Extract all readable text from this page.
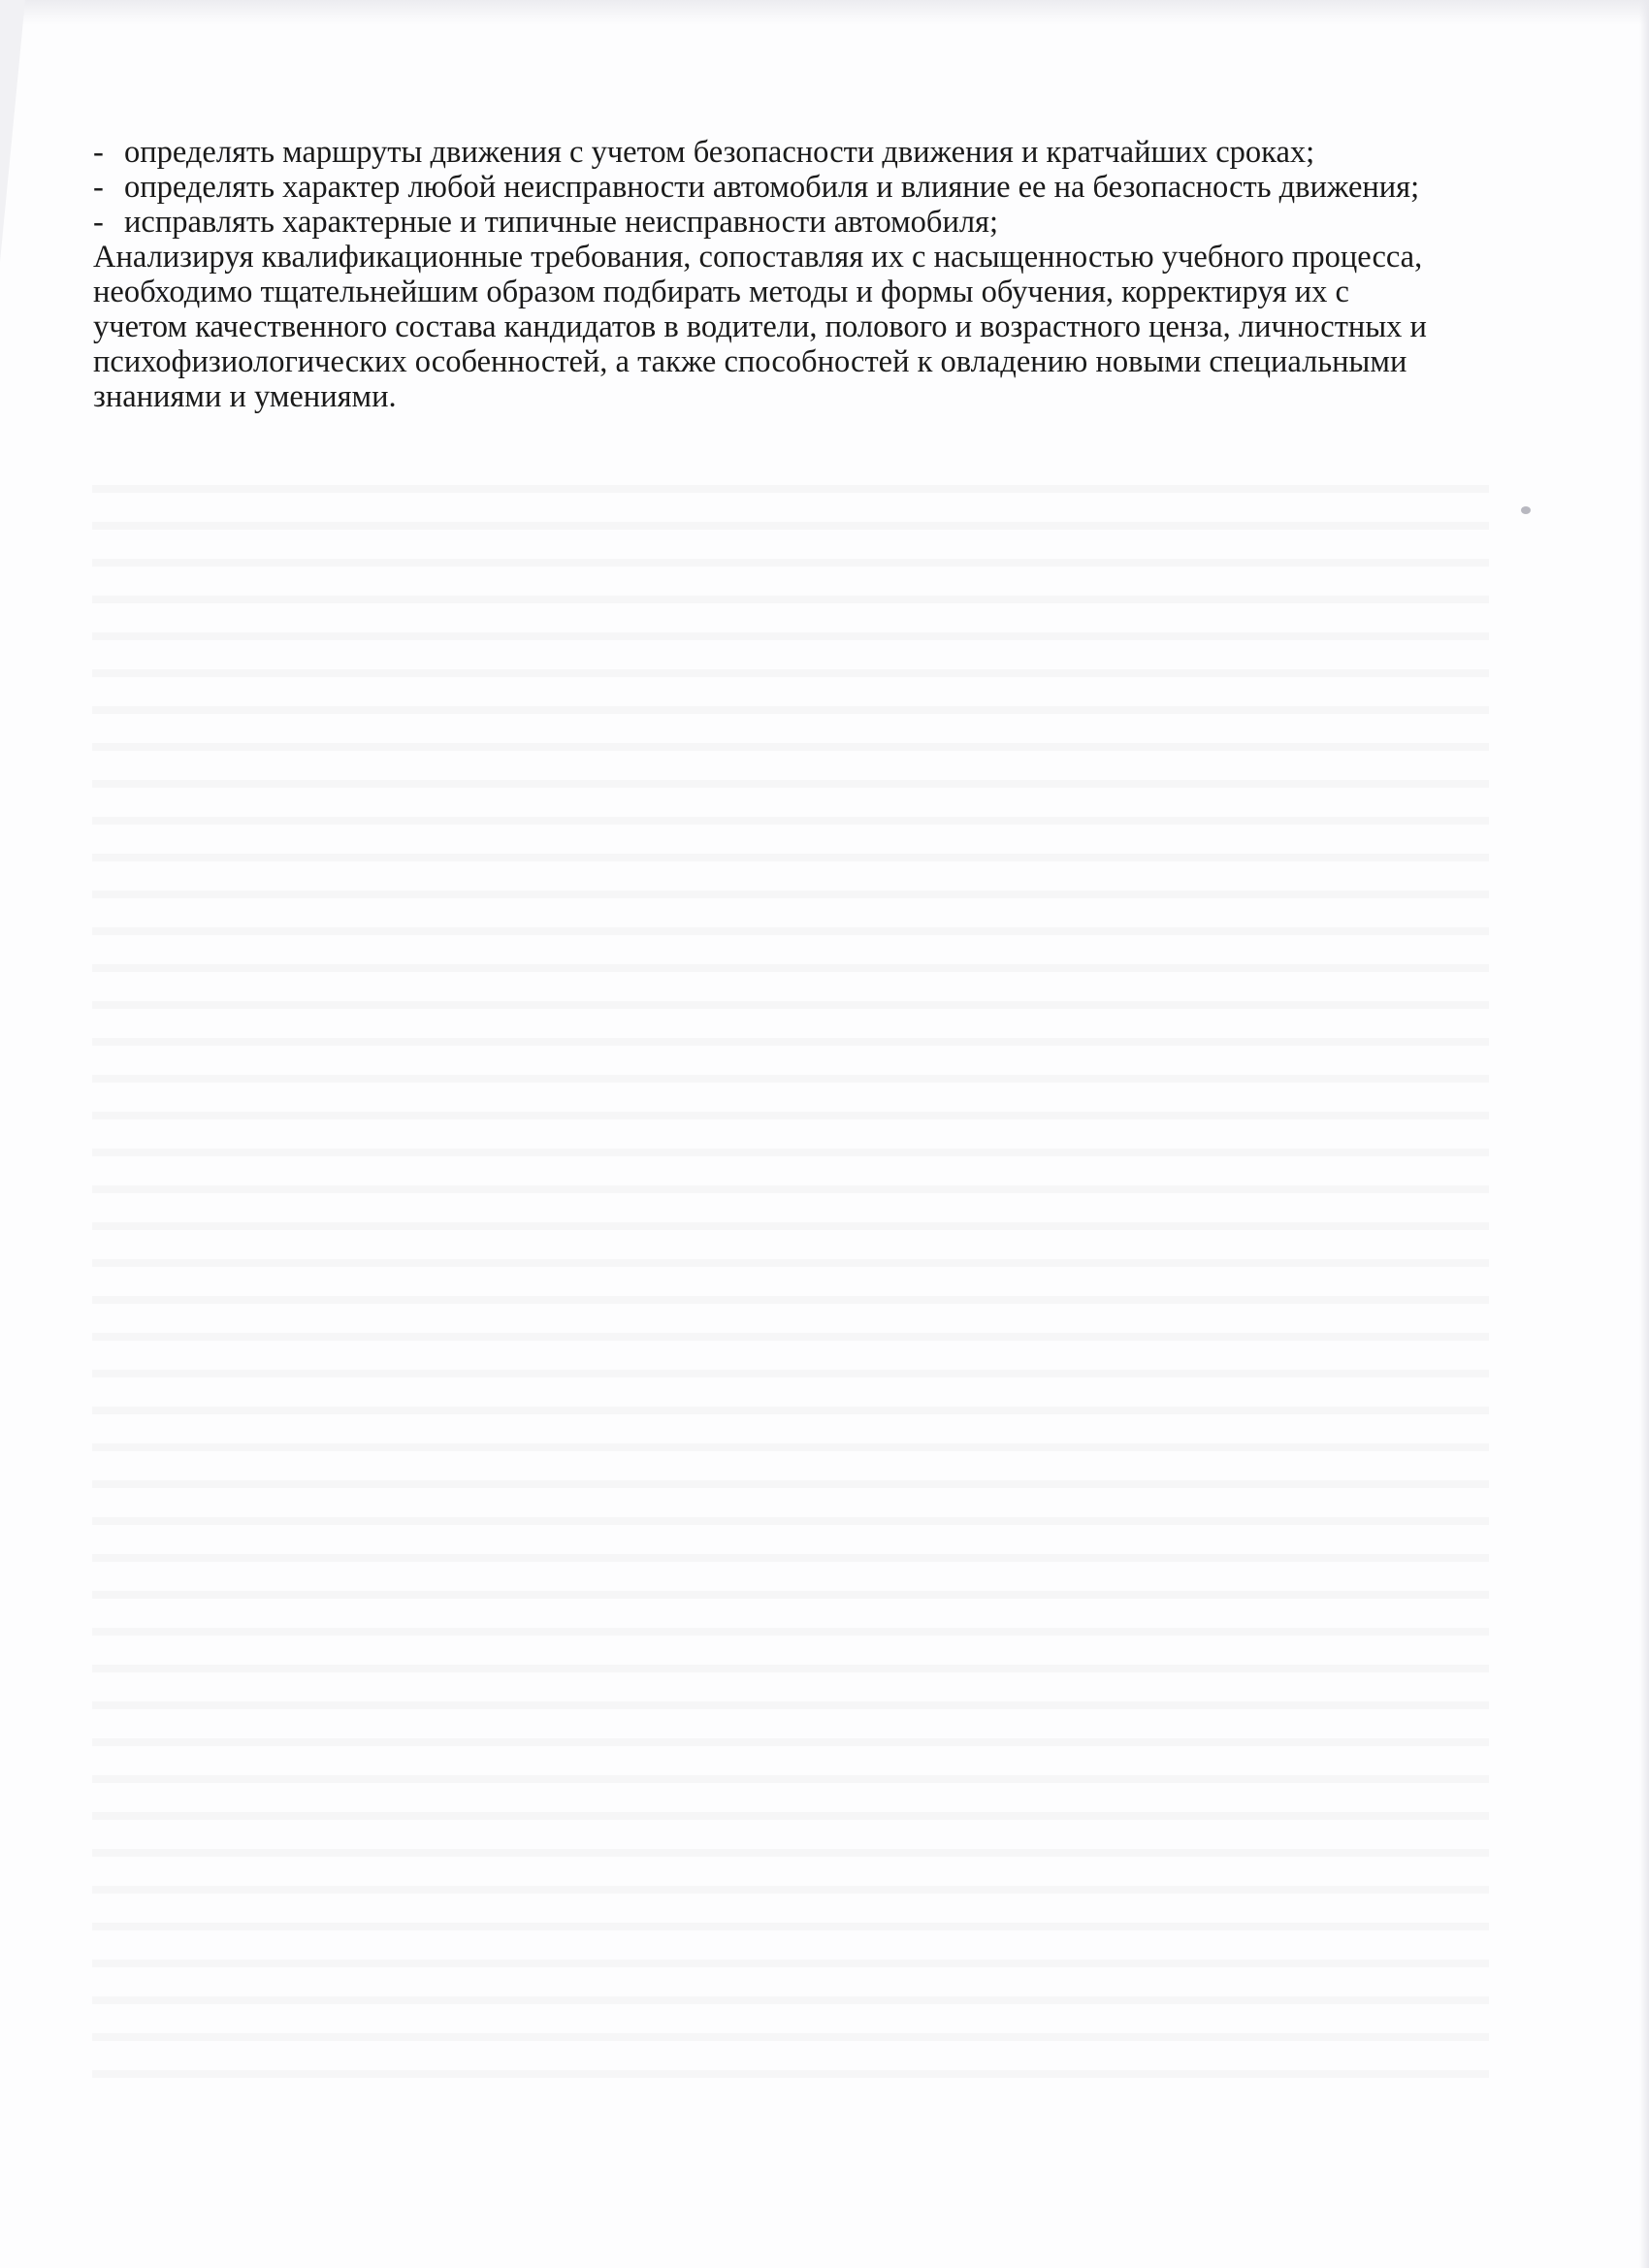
- определять маршруты движения с учетом безопасности движения и кратчайших сроках;
- определять характер любой неисправности автомобиля и влияние ее на безопасность движения;
- исправлять характерные и типичные неисправности автомобиля;
Анализируя квалификационные требования, сопоставляя их с насыщенностью учебного процесса,
необходимо тщательнейшим образом подбирать методы и формы обучения, корректируя их с
учетом качественного состава кандидатов в водители, полового и возрастного ценза, личностных и
психофизиологических особенностей, а также способностей к овладению новыми специальными
знаниями и умениями.
